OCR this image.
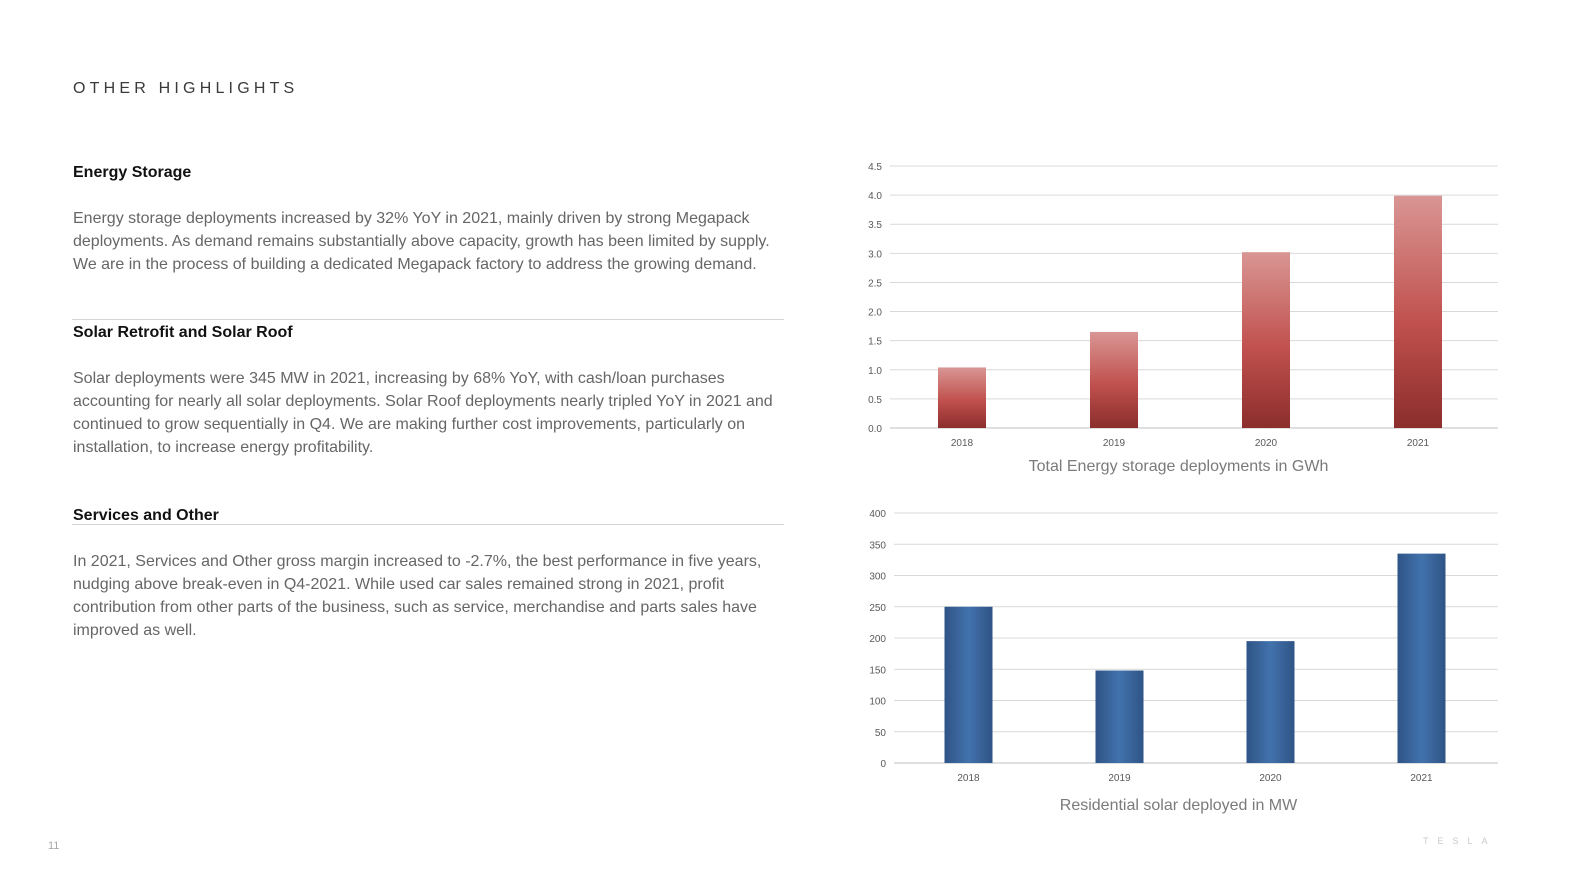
OTHER HIGHLIGHTS
Energy Storage
Energy storage deployments increased by 32% YoY in 2021, mainly driven by strong Megapack deployments. As demand remains substantially above capacity, growth has been limited by supply. We are in the process of building a dedicated Megapack factory to address the growing demand.
Solar Retrofit and Solar Roof
Solar deployments were 345 MW in 2021, increasing by 68% YoY, with cash/loan purchases accounting for nearly all solar deployments. Solar Roof deployments nearly tripled YoY in 2021 and continued to grow sequentially in Q4. We are making further cost improvements, particularly on installation, to increase energy profitability.
Services and Other
In 2021, Services and Other gross margin increased to -2.7%, the best performance in five years, nudging above break-even in Q4-2021. While used car sales remained strong in 2021, profit contribution from other parts of the business, such as service, merchandise and parts sales have improved as well.
0.0
0.5
1.0
1.5
2.0
2.5
3.0
3.5
4.0
4.5
2018	2019	2020	2021
Total Energy storage deployments in GWh
0
50
100
150
200
250
300
350
400
2018	2019	2020	2021
Residential solar deployed in MW
11	TESLA
